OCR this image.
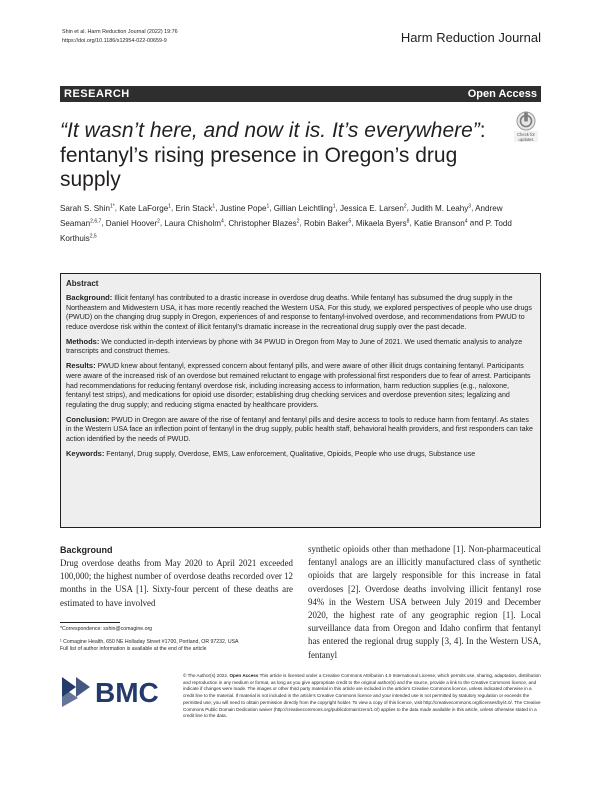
Shin et al. Harm Reduction Journal (2022) 19:76
https://doi.org/10.1186/s12954-022-00659-9	Harm Reduction Journal
RESEARCH	Open Access
Check for
updates
“It wasn’t here, and now it is. It’s everywhere”: fentanyl’s rising presence in Oregon’s drug supply
Sarah S. Shin$^{1*}$, Kate LaForge$^1$, Erin Stack$^1$, Justine Pope$^1$, Gillian Leichtling$^1$, Jessica E. Larsen$^2$, Judith M. Leahy$^3$, Andrew Seaman$^{2,6,7}$, Daniel Hoover$^2$, Laura Chisholm$^4$, Christopher Blazes$^2$, Robin Baker$^5$, Mikaela Byers$^8$, Katie Branson$^4$ and P. Todd Korthuis$^{2,5}$
Abstract
Background: Illicit fentanyl has contributed to a drastic increase in overdose drug deaths. While fentanyl has subsumed the drug supply in the Northeastern and Midwestern USA, it has more recently reached the Western USA. For this study, we explored perspectives of people who use drugs (PWUD) on the changing drug supply in Oregon, experiences of and response to fentanyl-involved overdose, and recommendations from PWUD to reduce overdose risk within the context of illicit fentanyl’s dramatic increase in the recreational drug supply over the past decade.
Methods: We conducted in-depth interviews by phone with 34 PWUD in Oregon from May to June of 2021. We used thematic analysis to analyze transcripts and construct themes.
Results: PWUD knew about fentanyl, expressed concern about fentanyl pills, and were aware of other illicit drugs containing fentanyl. Participants were aware of the increased risk of an overdose but remained reluctant to engage with professional first responders due to fear of arrest. Participants had recommendations for reducing fentanyl overdose risk, including increasing access to information, harm reduction supplies (e.g., naloxone, fentanyl test strips), and medications for opioid use disorder; establishing drug checking services and overdose prevention sites; legalizing and regulating the drug supply; and reducing stigma enacted by healthcare providers.
Conclusion: PWUD in Oregon are aware of the rise of fentanyl and fentanyl pills and desire access to tools to reduce harm from fentanyl. As states in the Western USA face an inflection point of fentanyl in the drug supply, public health staff, behavioral health providers, and first responders can take action identified by the needs of PWUD.
Keywords: Fentanyl, Drug supply, Overdose, EMS, Law enforcement, Qualitative, Opioids, People who use drugs, Substance use
Background
Drug overdose deaths from May 2020 to April 2021 exceeded 100,000; the highest number of overdose deaths recorded over 12 months in the USA [1]. Sixty-four percent of these deaths are estimated to have involved
synthetic opioids other than methadone [1]. Non-pharmaceutical fentanyl analogs are an illicitly manufactured class of synthetic opioids that are largely responsible for this increase in fatal overdoses [2]. Overdose deaths involving illicit fentanyl rose 94% in the Western USA between July 2019 and December 2020, the highest rate of any geographic region [1]. Local surveillance data from Oregon and Idaho confirm that fentanyl has entered the regional drug supply [3, 4]. In the Western USA, fentanyl
*Correspondence: sshin@comagine.org
¹ Comagine Health, 650 NE Holladay Street #1700, Portland, OR 97232, USA
Full list of author information is available at the end of the article
BMC
© The Author(s) 2022. Open Access This article is licensed under a Creative Commons Attribution 4.0 International License, which permits use, sharing, adaptation, distribution and reproduction in any medium or format, as long as you give appropriate credit to the original author(s) and the source, provide a link to the Creative Commons licence, and indicate if changes were made. The images or other third party material in this article are included in the article’s Creative Commons licence, unless indicated otherwise in a credit line to the material. If material is not included in the article’s Creative Commons licence and your intended use is not permitted by statutory regulation or exceeds the permitted use, you will need to obtain permission directly from the copyright holder. To view a copy of this licence, visit http://creativecommons.org/licenses/by/4.0/. The Creative Commons Public Domain Dedication waiver (http://creativecommons.org/publicdomain/zero/1.0/) applies to the data made available in this article, unless otherwise stated in a credit line to the data.
